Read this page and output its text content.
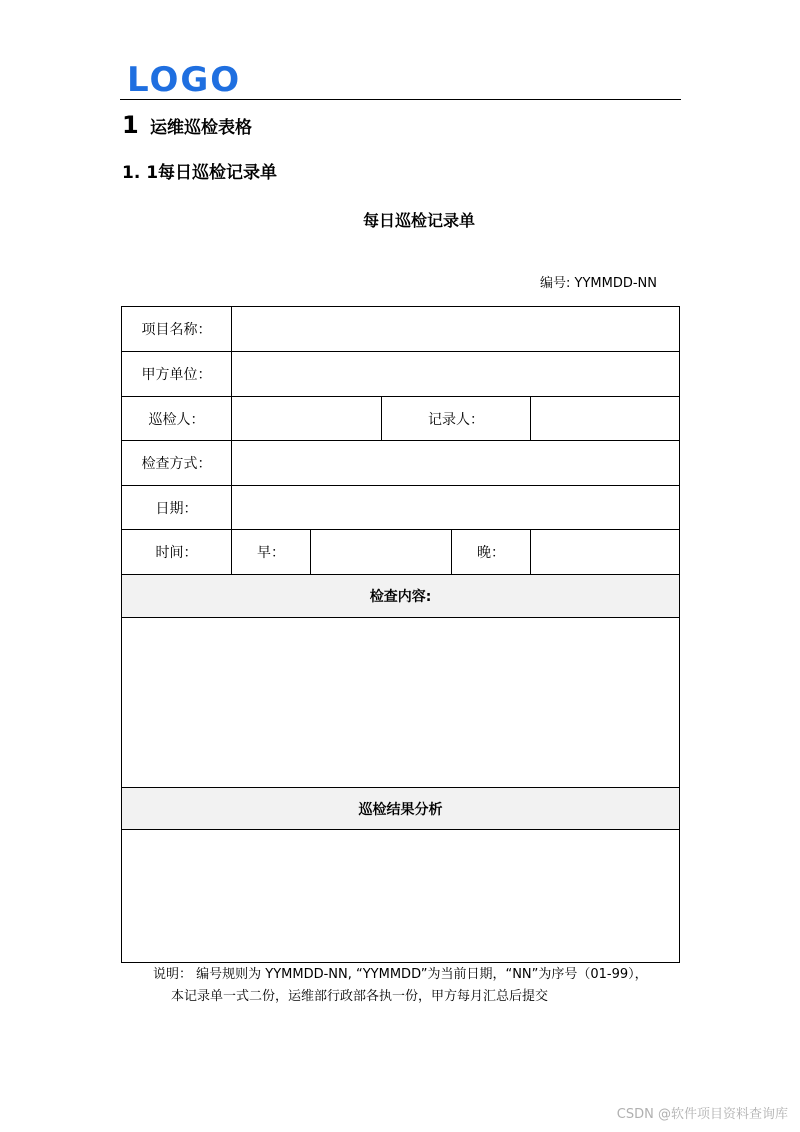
LOGO
1 运维巡检表格
1. 1每日巡检记录单
每日巡检记录单
编号: YYMMDD-NN
项目名称：					
甲方单位：					
巡检人：			记录人：		
检查方式：					
日期：					
时间：	早：			晚：	
检查内容:					

巡检结果分析					

说明： 编号规则为 YYMMDD-NN, “YYMMDD”为当前日期，“NN”为序号（01-99），
本记录单一式二份，运维部行政部各执一份，甲方每月汇总后提交
CSDN @软件项目资料查询库
